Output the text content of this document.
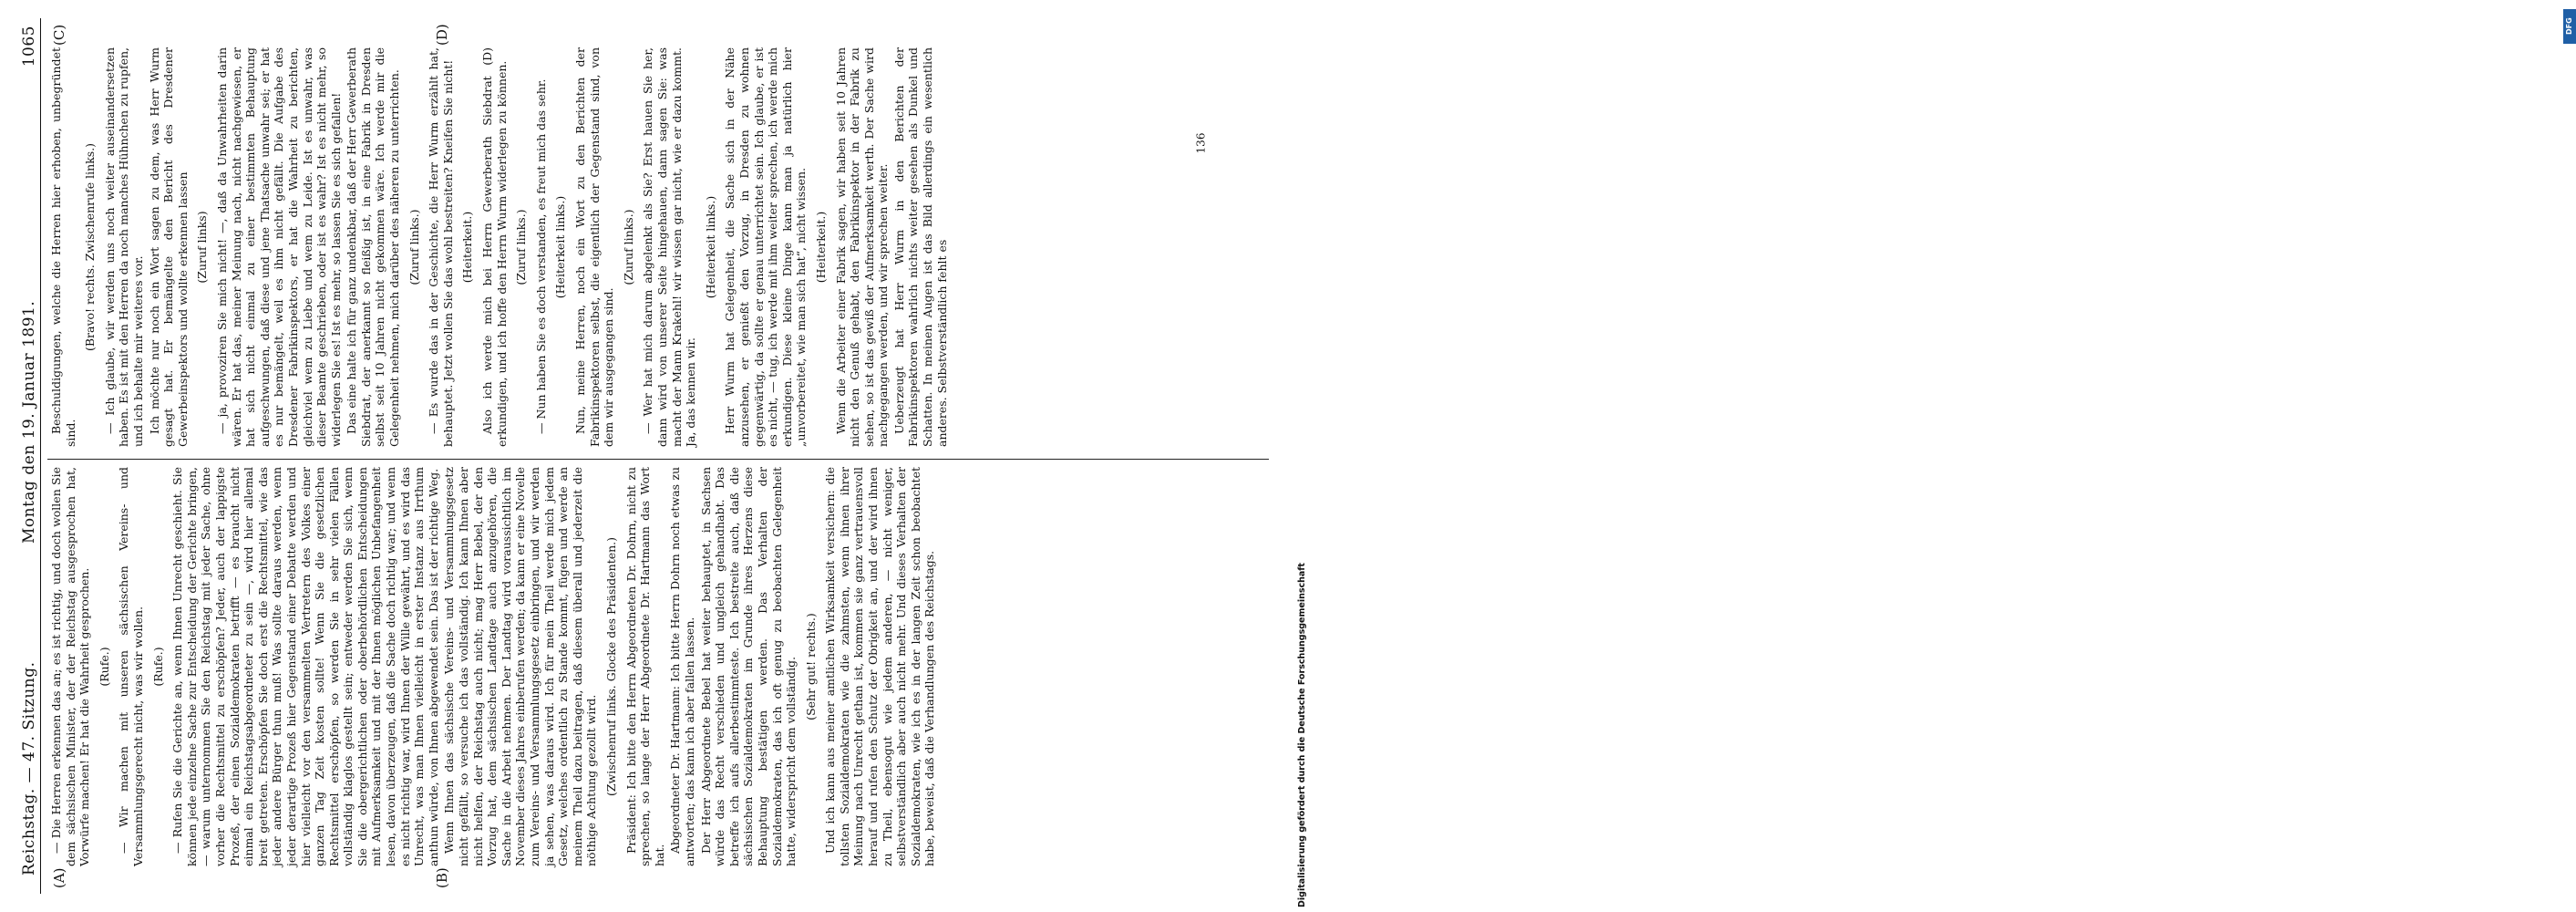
Reichstag. — 47. Sitzung.
Montag den 19. Januar 1891.
1065
(A)	(B)
(C)	(D)

— Die Herren erkennen das an; es ist richtig, und doch wollen Sie dem sächsischen Minister, der der Reichstag ausgesprochen hat, Vorwürfe machen! Er hat die Wahrheit gesprochen. (Rufe.) — Wir machen mit unseren sächsischen Vereins- und Versammlungsgerecht nicht, was wir wollen. (Rufe.) — Rufen Sie die Gerichte an, wenn Ihnen Unrecht geschieht. Sie können jede einzelne Sache zur Entscheidung der Gerichte bringen, — warum unternommen Sie den Reichstag mit jeder Sache, ohne vorher die Rechtsmittel zu erschöpfen? Jeder, auch der lappigste Prozeß, der einen Sozialdemokraten betrifft — es braucht nicht einmal ein Reichstagsabgeordneter zu sein —, wird hier allemal breit getreten. Erschöpfen Sie doch erst die Rechtsmittel, wie das jeder andere Bürger thun muß! Was sollte daraus werden, wenn jeder derartige Prozeß hier Gegenstand einer Debatte werden und hier vielleicht vor den versammelten Vertretern des Volkes einer ganzen Tag Zeit kosten sollte! Wenn Sie die gesetzlichen Rechtsmittel erschöpfen, so werden Sie in sehr vielen Fällen vollständig klaglos gestellt sein; entweder werden Sie sich, wenn Sie die obergerichtlichen oder oberbehördlichen Entscheidungen mit Aufmerksamkeit und mit der Ihnen möglichen Unbefangenheit lesen, davon überzeugen, daß die Sache doch richtig war; und wenn es nicht richtig war, wird Ihnen der Wille gewährt, und es wird das Unrecht, was man Ihnen vielleicht in erster Instanz aus Irrthum anthun würde, von Ihnen abgewendet sein. Das ist der richtige Weg. Wenn Ihnen das sächsische Vereins- und Versammlungsgesetz nicht gefällt, so versuche ich das vollständig. Ich kann Ihnen aber nicht helfen, der Reichstag auch nicht; mag Herr Bebel, der den Vorzug hat, dem sächsischen Landtage auch anzugehören, die Sache in die Arbeit nehmen. Der Landtag wird voraussichtlich im November dieses Jahres einberufen werden; da kann er eine Novelle zum Vereins- und Versammlungsgesetz einbringen, und wir werden ja sehen, was daraus wird. Ich für mein Theil werde mich jedem Gesetz, welches ordentlich zu Stande kommt, fügen und werde an meinem Theil dazu beitragen, daß diesem überall und jederzeit die nöthige Achtung gezollt wird. (Zwischenruf links. Glocke des Präsidenten.) Präsident: Ich bitte den Herrn Abgeordneten Dr. Dohrn, nicht zu sprechen, so lange der Herr Abgeordnete Dr. Hartmann das Wort hat.

Abgeordneter Dr. Hartmann: Ich bitte Herrn Dohrn noch etwas zu antworten; das kann ich aber fallen lassen. Der Herr Abgeordnete Bebel hat weiter behauptet, in Sachsen würde das Recht verschieden und ungleich gehandhabt. Das betreffe ich aufs allerbestimmteste. Ich bestreite auch, daß die sächsischen Sozialdemokraten im Grunde ihres Herzens diese Behauptung bestätigen werden. Das Verhalten der Sozialdemokraten, das ich oft genug zu beobachten Gelegenheit hatte, widerspricht dem vollständig. (Sehr gut! rechts.) Und ich kann aus meiner amtlichen Wirksamkeit versichern: die tollsten Sozialdemokraten wie die zahmsten, wenn ihnen ihrer Meinung nach Unrecht gethan ist, kommen sie ganz vertrauensvoll herauf und rufen den Schutz der Obrigkeit an, und der wird ihnen zu Theil, ebensogut wie jedem anderen, — nicht weniger, selbstverständlich aber auch nicht mehr. Und dieses Verhalten der Sozialdemokraten, wie ich es in der langen Zeit schon beobachtet habe, beweist, daß die Verhandlungen des Reichstags.

Beschuldigungen, welche die Herren hier erhoben, unbegründet sind.

(Bravo! rechts. Zwischenrufe links.) — Ich glaube, wir werden uns noch weiter auseinandersetzen haben. Es ist mit den Herren da noch manches Hühnchen zu rupfen, und ich behalte mir weiteres vor. Ich möchte nur noch ein Wort sagen zu dem, was Herr Wurm gesagt hat. Er bemängelte den Bericht des Dresdener Gewerbeinspektors und wollte erkennen lassen (Zuruf links) — ja, provoziren Sie mich nicht! —, daß da Unwahrheiten darin wären. Er hat das, meiner Meinung nach, nicht nachgewiesen, er hat sich nicht einmal zu einer bestimmten Behauptung aufgeschwungen, daß diese und jene Thatsache unwahr sei; er hat es nur bemängelt, weil es ihm nicht gefällt. Die Aufgabe des Dresdener Fabrikinspektors, er hat die Wahrheit zu berichten, gleichviel wem zu Liebe und wem zu Leide. Ist es unwahr, was dieser Beamte geschrieben, oder ist es wahr? Ist es nicht mehr, so widerlegen Sie es! Ist es mehr, so lassen Sie es sich gefallen! Das eine halte ich für ganz undenkbar, daß der Herr Gewerberath Siebdrat, der anerkannt so fleißig ist, in eine Fabrik in Dresden selbst seit 10 Jahren nicht gekommen wäre. Ich werde mir die Gelegenheit nehmen, mich darüber des näheren zu unterrichten. (Zuruf links.) — Es wurde das in der Geschichte, die Herr Wurm erzählt hat, behauptet. Jetzt wollen Sie das wohl bestreiten? Kneifen Sie nicht! (Heiterkeit.) Also ich werde mich bei Herrn Gewerberath Siebdrat (D) erkundigen, und ich hoffe den Herrn Wurm widerlegen zu können. (Zuruf links.) — Nun haben Sie es doch verstanden, es freut mich das sehr. (Heiterkeit links.) Nun, meine Herren, noch ein Wort zu den Berichten der Fabrikinspektoren selbst, die eigentlich der Gegenstand sind, von dem wir ausgegangen sind.

(Zuruf links.) — Wer hat mich darum abgelenkt als Sie? Erst hauen Sie her, dann wird von unserer Seite hingehauen, dann sagen Sie: was macht der Mann Krakehl! wir wissen gar nicht, wie er dazu kommt. Ja, das kennen wir.

(Heiterkeit links.) Herr Wurm hat Gelegenheit, die Sache sich in der Nähe anzusehen, er genießt den Vorzug, in Dresden zu wohnen gegenwärtig, da sollte er genau unterrichtet sein. Ich glaube, er ist es nicht, — tug, ich werde mit ihm weiter sprechen, ich werde mich erkundigen. Diese kleine Dinge kann man ja natürlich hier „unvorbereitet, wie man sich hat“, nicht wissen. (Heiterkeit.) Wenn die Arbeiter einer Fabrik sagen, wir haben seit 10 Jahren nicht den Genuß gehabt, den Fabrikinspektor in der Fabrik zu sehen, so ist das gewiß der Aufmerksamkeit werth. Der Sache wird nachgegangen werden, und wir sprechen weiter. Ueberzeugt hat Herr Wurm in den Berichten der Fabrikinspektoren wahrlich nichts weiter gesehen als Dunkel und Schatten. In meinen Augen ist das Bild allerdings ein wesentlich anderes. Selbstverständlich fehlt es

136
DFG
Digitalisierung gefördert durch die Deutsche Forschungsgemeinschaft
